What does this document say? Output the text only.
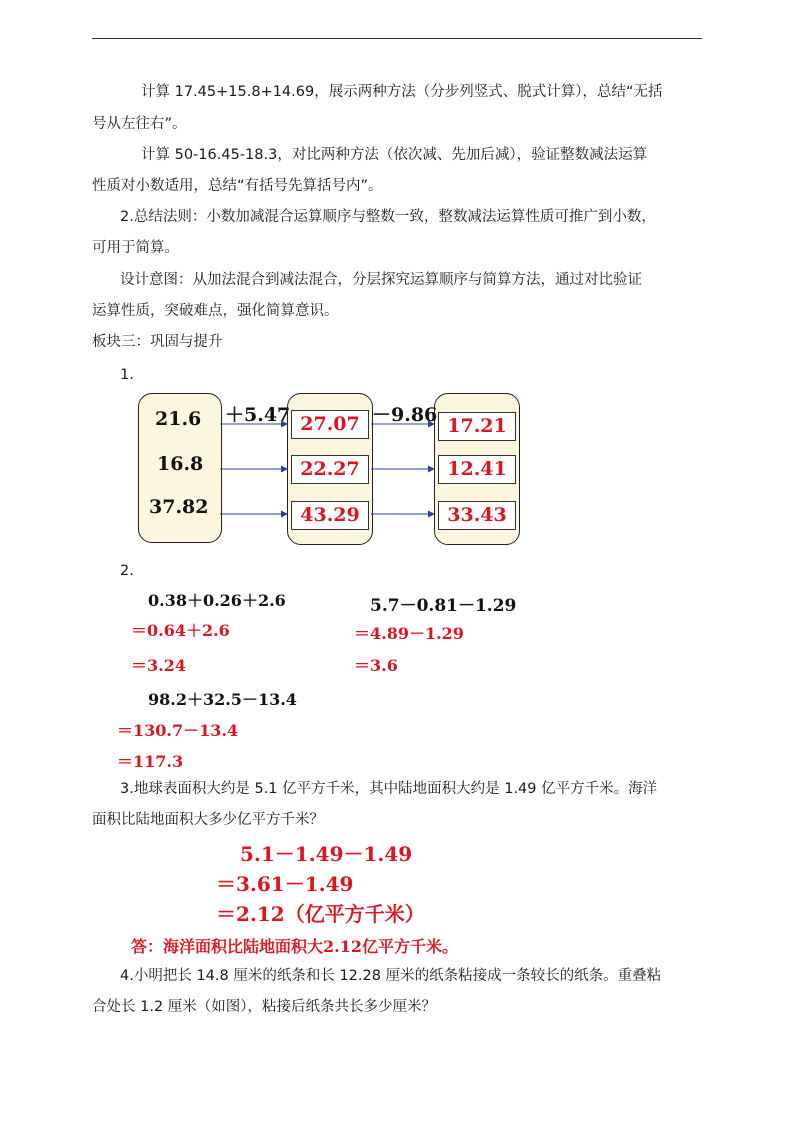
计算 17.45+15.8+14.69，展示两种方法（分步列竖式、脱式计算），总结“无括
号从左往右”。
计算 50-16.45-18.3，对比两种方法（依次减、先加后减），验证整数减法运算
性质对小数适用，总结“有括号先算括号内”。
2.总结法则：小数加减混合运算顺序与整数一致，整数减法运算性质可推广到小数，
可用于简算。
设计意图：从加法混合到减法混合，分层探究运算顺序与简算方法，通过对比验证
运算性质，突破难点，强化简算意识。
板块三：巩固与提升
1.
21.6
16.8
37.82
＋5.47	－9.86
27.07
22.27
43.29
17.21
12.41
33.43
2.
0.38＋0.26＋2.6
＝0.64＋2.6
＝3.24
5.7－0.81－1.29
＝4.89－1.29
＝3.6
98.2＋32.5－13.4
＝130.7－13.4
＝117.3
3.地球表面积大约是 5.1 亿平方千米，其中陆地面积大约是 1.49 亿平方千米。海洋
面积比陆地面积大多少亿平方千米？
5.1－1.49－1.49
＝3.61－1.49
＝2.12（亿平方千米）
答：海洋面积比陆地面积大2.12亿平方千米。
4.小明把长 14.8 厘米的纸条和长 12.28 厘米的纸条粘接成一条较长的纸条。重叠粘
合处长 1.2 厘米（如图），粘接后纸条共长多少厘米？
